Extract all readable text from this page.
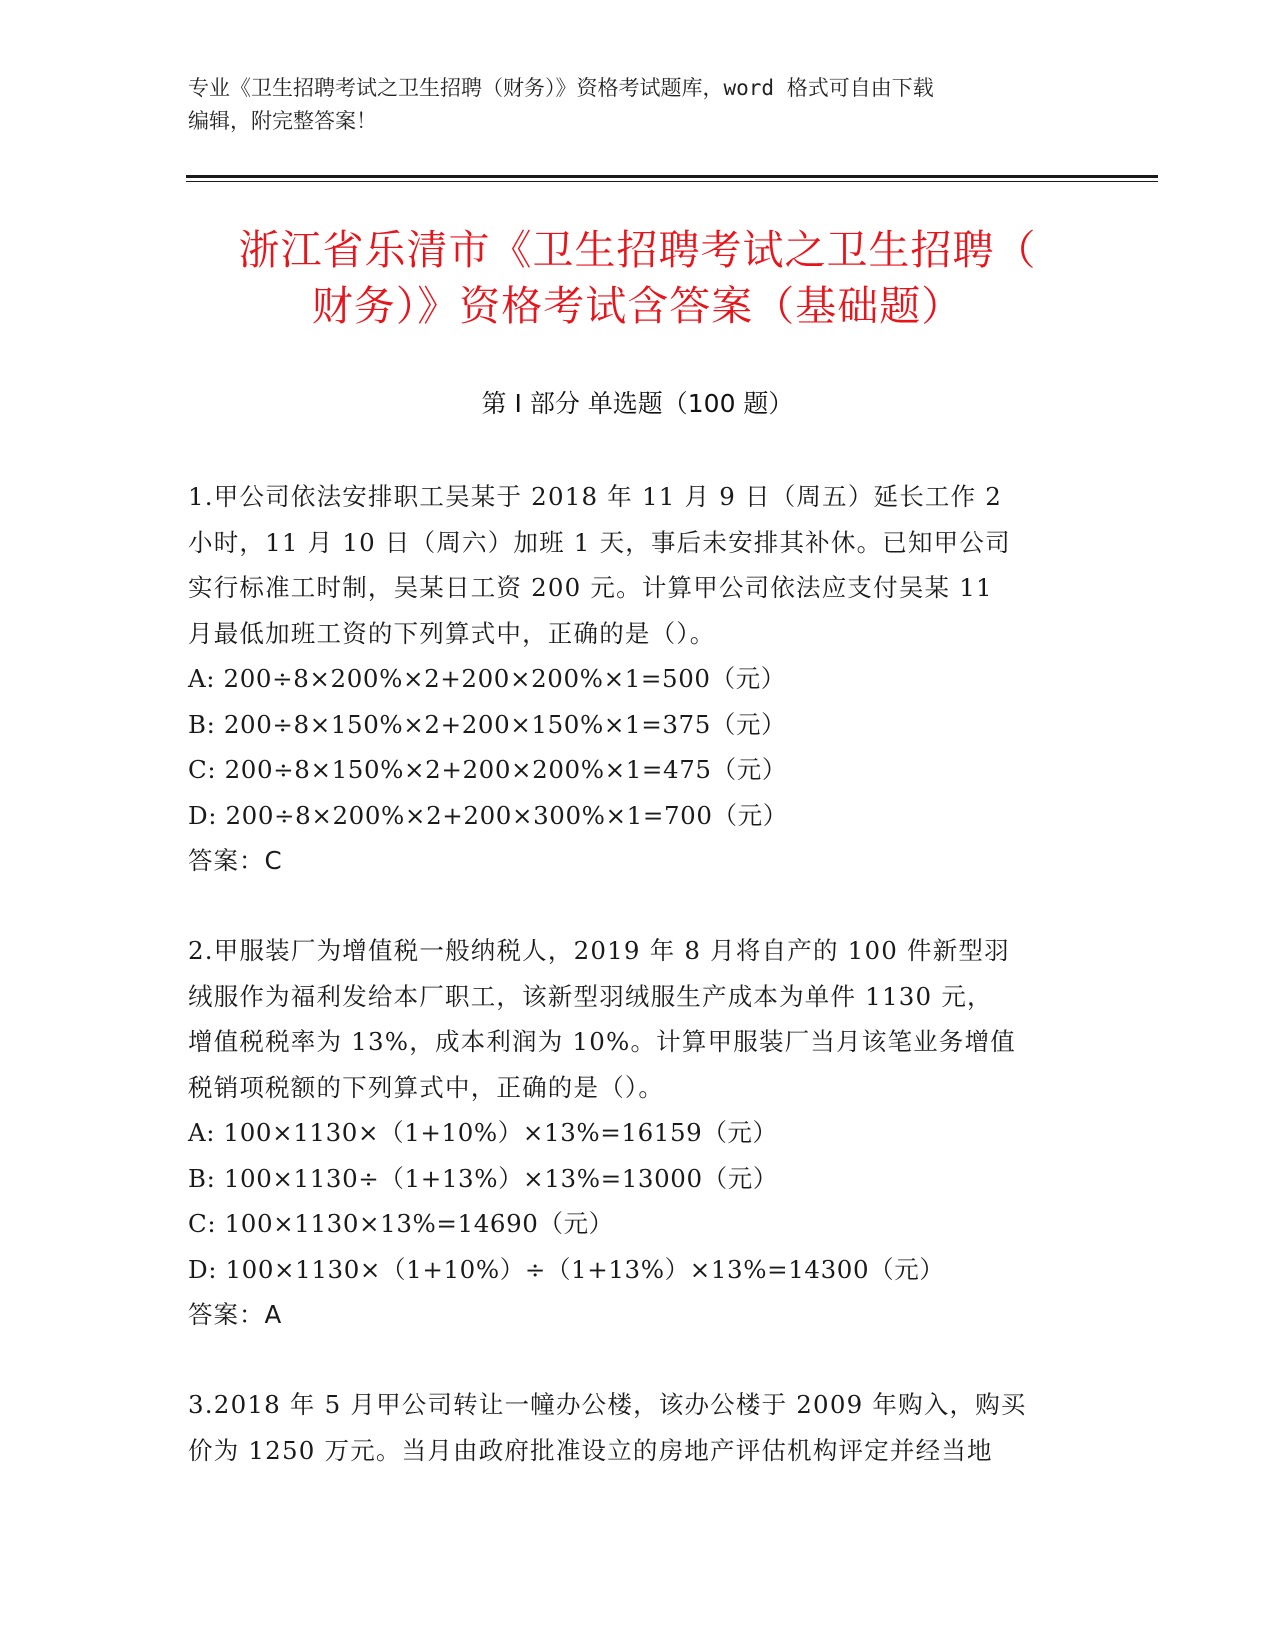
专业《卫生招聘考试之卫生招聘（财务）》资格考试题库，word 格式可自由下载
编辑，附完整答案！
浙江省乐清市《卫生招聘考试之卫生招聘（
财务）》资格考试含答案（基础题）
第 I 部分 单选题（100 题）
1.甲公司依法安排职工吴某于 2018 年 11 月 9 日（周五）延长工作 2
小时，11 月 10 日（周六）加班 1 天，事后未安排其补休。已知甲公司
实行标准工时制，吴某日工资 200 元。计算甲公司依法应支付吴某 11
月最低加班工资的下列算式中，正确的是（）。
A: 200÷8×200%×2+200×200%×1=500（元）
B: 200÷8×150%×2+200×150%×1=375（元）
C: 200÷8×150%×2+200×200%×1=475（元）
D: 200÷8×200%×2+200×300%×1=700（元）
答案：C
2.甲服装厂为增值税一般纳税人，2019 年 8 月将自产的 100 件新型羽
绒服作为福利发给本厂职工，该新型羽绒服生产成本为单件 1130 元，
增值税税率为 13%，成本利润为 10%。计算甲服装厂当月该笔业务增值
税销项税额的下列算式中，正确的是（）。
A: 100×1130×（1+10%）×13%=16159（元）
B: 100×1130÷（1+13%）×13%=13000（元）
C: 100×1130×13%=14690（元）
D: 100×1130×（1+10%）÷（1+13%）×13%=14300（元）
答案：A
3.2018 年 5 月甲公司转让一幢办公楼，该办公楼于 2009 年购入，购买
价为 1250 万元。当月由政府批准设立的房地产评估机构评定并经当地
